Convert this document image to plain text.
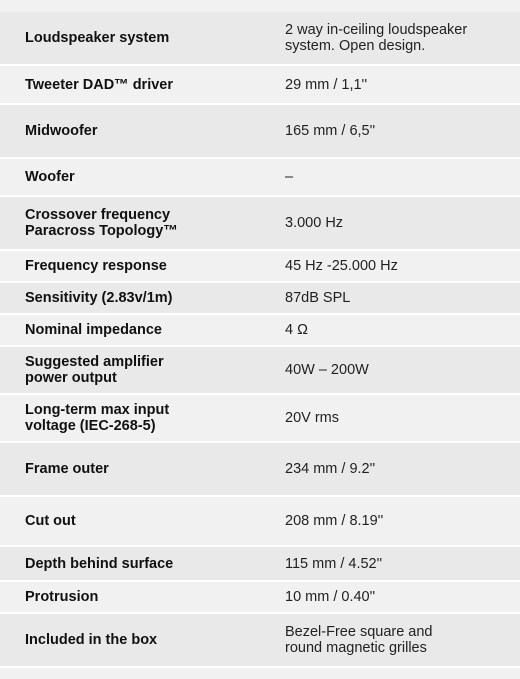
Loudspeaker system	2 way in-ceiling loudspeaker
system. Open design.
Tweeter DAD™ driver	29 mm / 1,1''
Midwoofer	165 mm / 6,5''
Woofer	–
Crossover frequency
Paracross Topology™	3.000 Hz
Frequency response	45 Hz -25.000 Hz
Sensitivity (2.83v/1m)	87dB SPL
Nominal impedance	4 Ω
Suggested amplifier
power output	40W – 200W
Long-term max input
voltage (IEC-268-5)	20V rms
Frame outer	234 mm / 9.2''
Cut out	208 mm / 8.19''
Depth behind surface	115 mm / 4.52''
Protrusion	10 mm / 0.40''
Included in the box	Bezel-Free square and
round magnetic grilles
